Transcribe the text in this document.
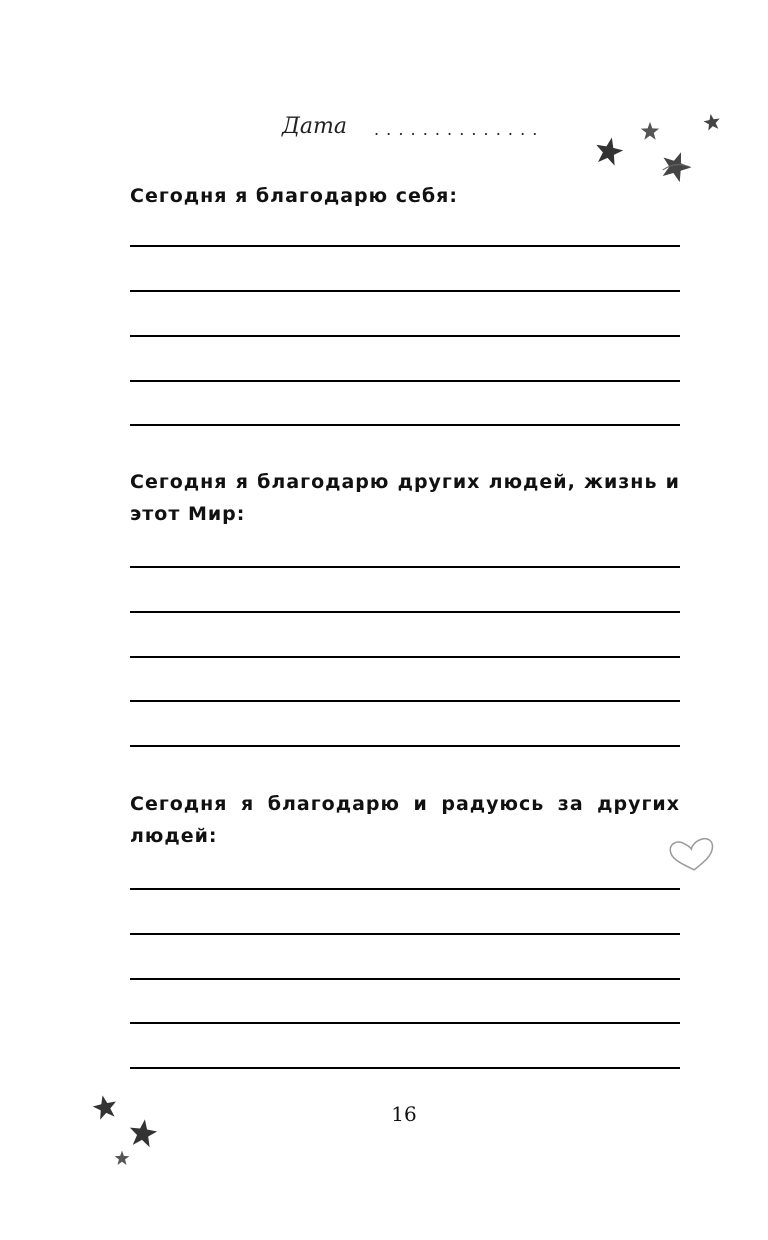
Дата . . . . . . . . . . . . . .
Сегодня я благодарю себя:
Сегодня я благодарю других людей, жизнь и этот Мир:
Сегодня я благодарю и радуюсь за других людей:
16
